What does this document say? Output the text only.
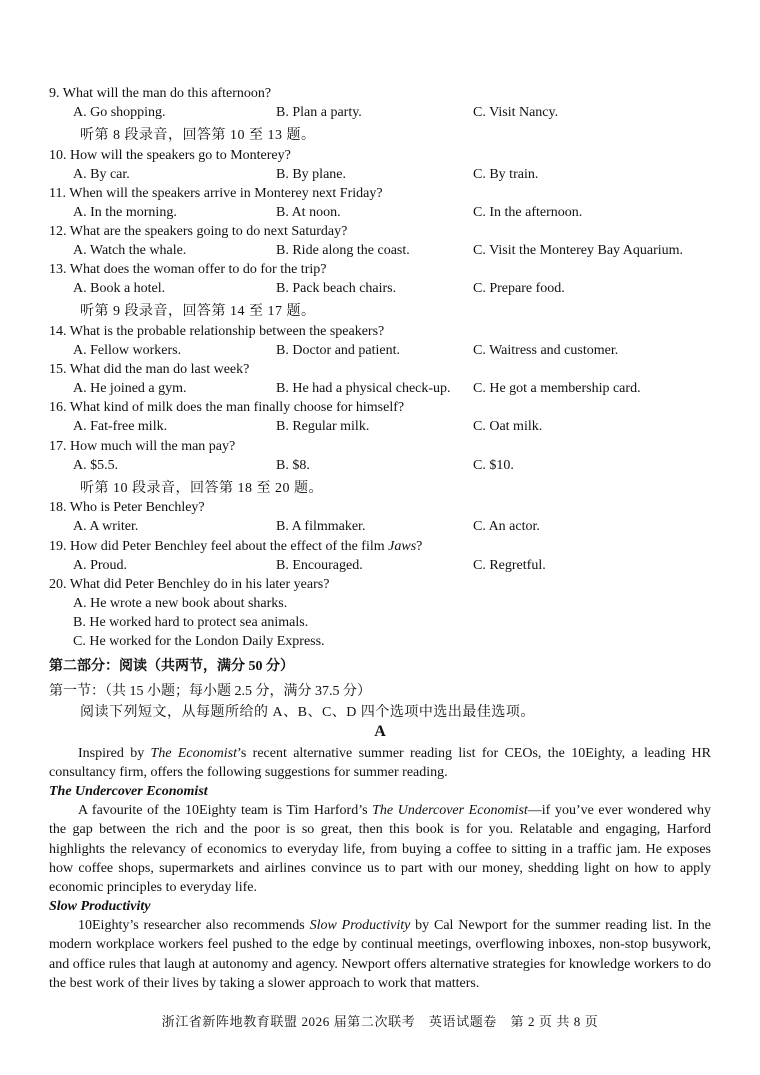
9. What will the man do this afternoon?
A. Go shopping.	B. Plan a party.	C. Visit Nancy.
听第 8 段录音，回答第 10 至 13 题。
10. How will the speakers go to Monterey?
A. By car.	B. By plane.	C. By train.
11. When will the speakers arrive in Monterey next Friday?
A. In the morning.	B. At noon.	C. In the afternoon.
12. What are the speakers going to do next Saturday?
A. Watch the whale.	B. Ride along the coast.	C. Visit the Monterey Bay Aquarium.
13. What does the woman offer to do for the trip?
A. Book a hotel.	B. Pack beach chairs.	C. Prepare food.
听第 9 段录音，回答第 14 至 17 题。
14. What is the probable relationship between the speakers?
A. Fellow workers.	B. Doctor and patient.	C. Waitress and customer.
15. What did the man do last week?
A. He joined a gym.	B. He had a physical check-up. C. He got a membership card.
16. What kind of milk does the man finally choose for himself?
A. Fat-free milk.	B. Regular milk.	C. Oat milk.
17. How much will the man pay?
A. $5.5.	B. $8.	C. $10.
听第 10 段录音，回答第 18 至 20 题。
18. Who is Peter Benchley?
A. A writer.	B. A filmmaker.	C. An actor.
19. How did Peter Benchley feel about the effect of the film Jaws?
A. Proud.	B. Encouraged.	C. Regretful.
20. What did Peter Benchley do in his later years?
A. He wrote a new book about sharks.
B. He worked hard to protect sea animals.
C. He worked for the London Daily Express.
第二部分：阅读（共两节，满分 50 分）
第一节：（共 15 小题；每小题 2.5 分，满分 37.5 分）
阅读下列短文，从每题所给的 A、B、C、D 四个选项中选出最佳选项。
A

Inspired by The Economist’s recent alternative summer reading list for CEOs, the 10Eighty, a leading HR consultancy firm, offers the following suggestions for summer reading.

The Undercover Economist

A favourite of the 10Eighty team is Tim Harford’s The Undercover Economist—if you’ve ever wondered why the gap between the rich and the poor is so great, then this book is for you. Relatable and engaging, Harford highlights the relevancy of economics to everyday life, from buying a coffee to sitting in a traffic jam. He exposes how coffee shops, supermarkets and airlines convince us to part with our money, shedding light on how to apply economic principles to everyday life.

Slow Productivity

10Eighty’s researcher also recommends Slow Productivity by Cal Newport for the summer reading list. In the modern workplace workers feel pushed to the edge by continual meetings, overflowing inboxes, non-stop busywork, and office rules that laugh at autonomy and agency. Newport offers alternative strategies for knowledge workers to do the best work of their lives by taking a slower approach to work that matters.

浙江省新阵地教育联盟 2026 届第二次联考　英语试题卷　第 2 页 共 8 页
